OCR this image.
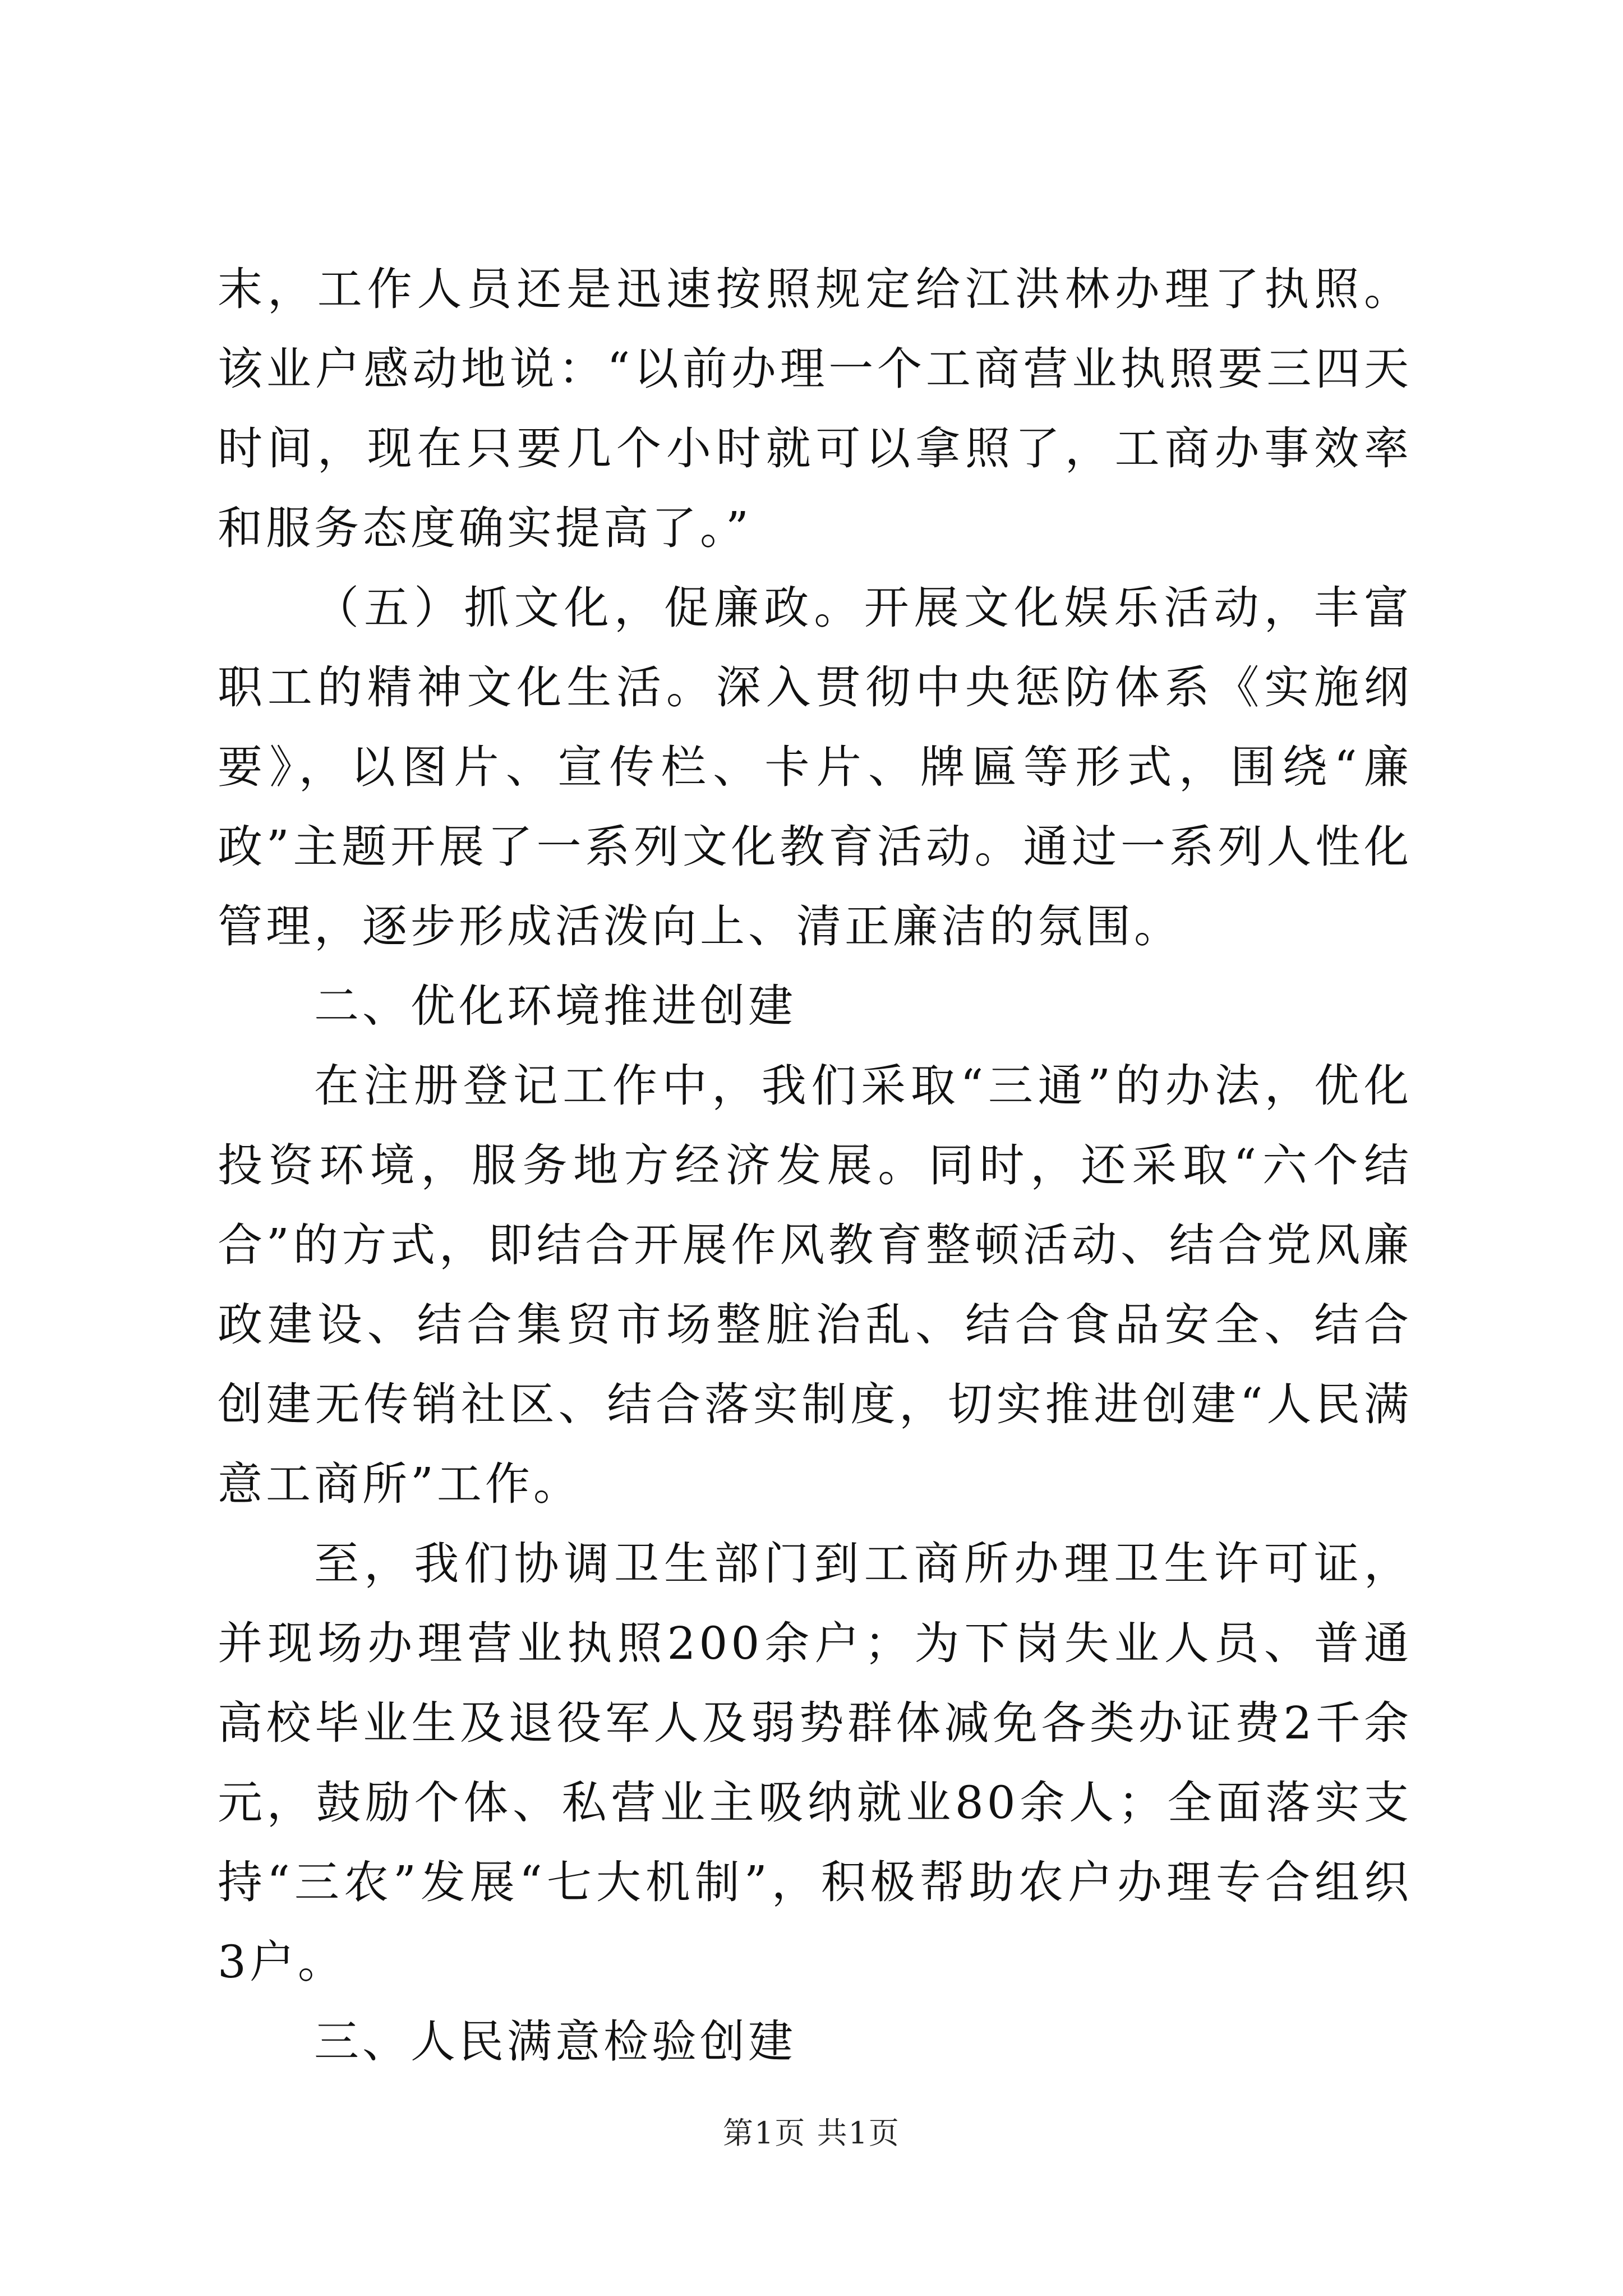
末，工作人员还是迅速按照规定给江洪林办理了执照。该业户感动地说：“以前办理一个工商营业执照要三四天时间，现在只要几个小时就可以拿照了，工商办事效率和服务态度确实提高了。”

（五）抓文化，促廉政。开展文化娱乐活动，丰富职工的精神文化生活。深入贯彻中央惩防体系《实施纲要》，以图片、宣传栏、卡片、牌匾等形式，围绕“廉政”主题开展了一系列文化教育活动。通过一系列人性化管理，逐步形成活泼向上、清正廉洁的氛围。

二、优化环境推进创建

在注册登记工作中，我们采取“三通”的办法，优化投资环境，服务地方经济发展。同时，还采取“六个结合”的方式，即结合开展作风教育整顿活动、结合党风廉政建设、结合集贸市场整脏治乱、结合食品安全、结合创建无传销社区、结合落实制度，切实推进创建“人民满意工商所”工作。

至，我们协调卫生部门到工商所办理卫生许可证，并现场办理营业执照200余户；为下岗失业人员、普通高校毕业生及退役军人及弱势群体减免各类办证费2千余元，鼓励个体、私营业主吸纳就业80余人；全面落实支持“三农”发展“七大机制”，积极帮助农户办理专合组织3户。

三、人民满意检验创建

第1页 共1页
